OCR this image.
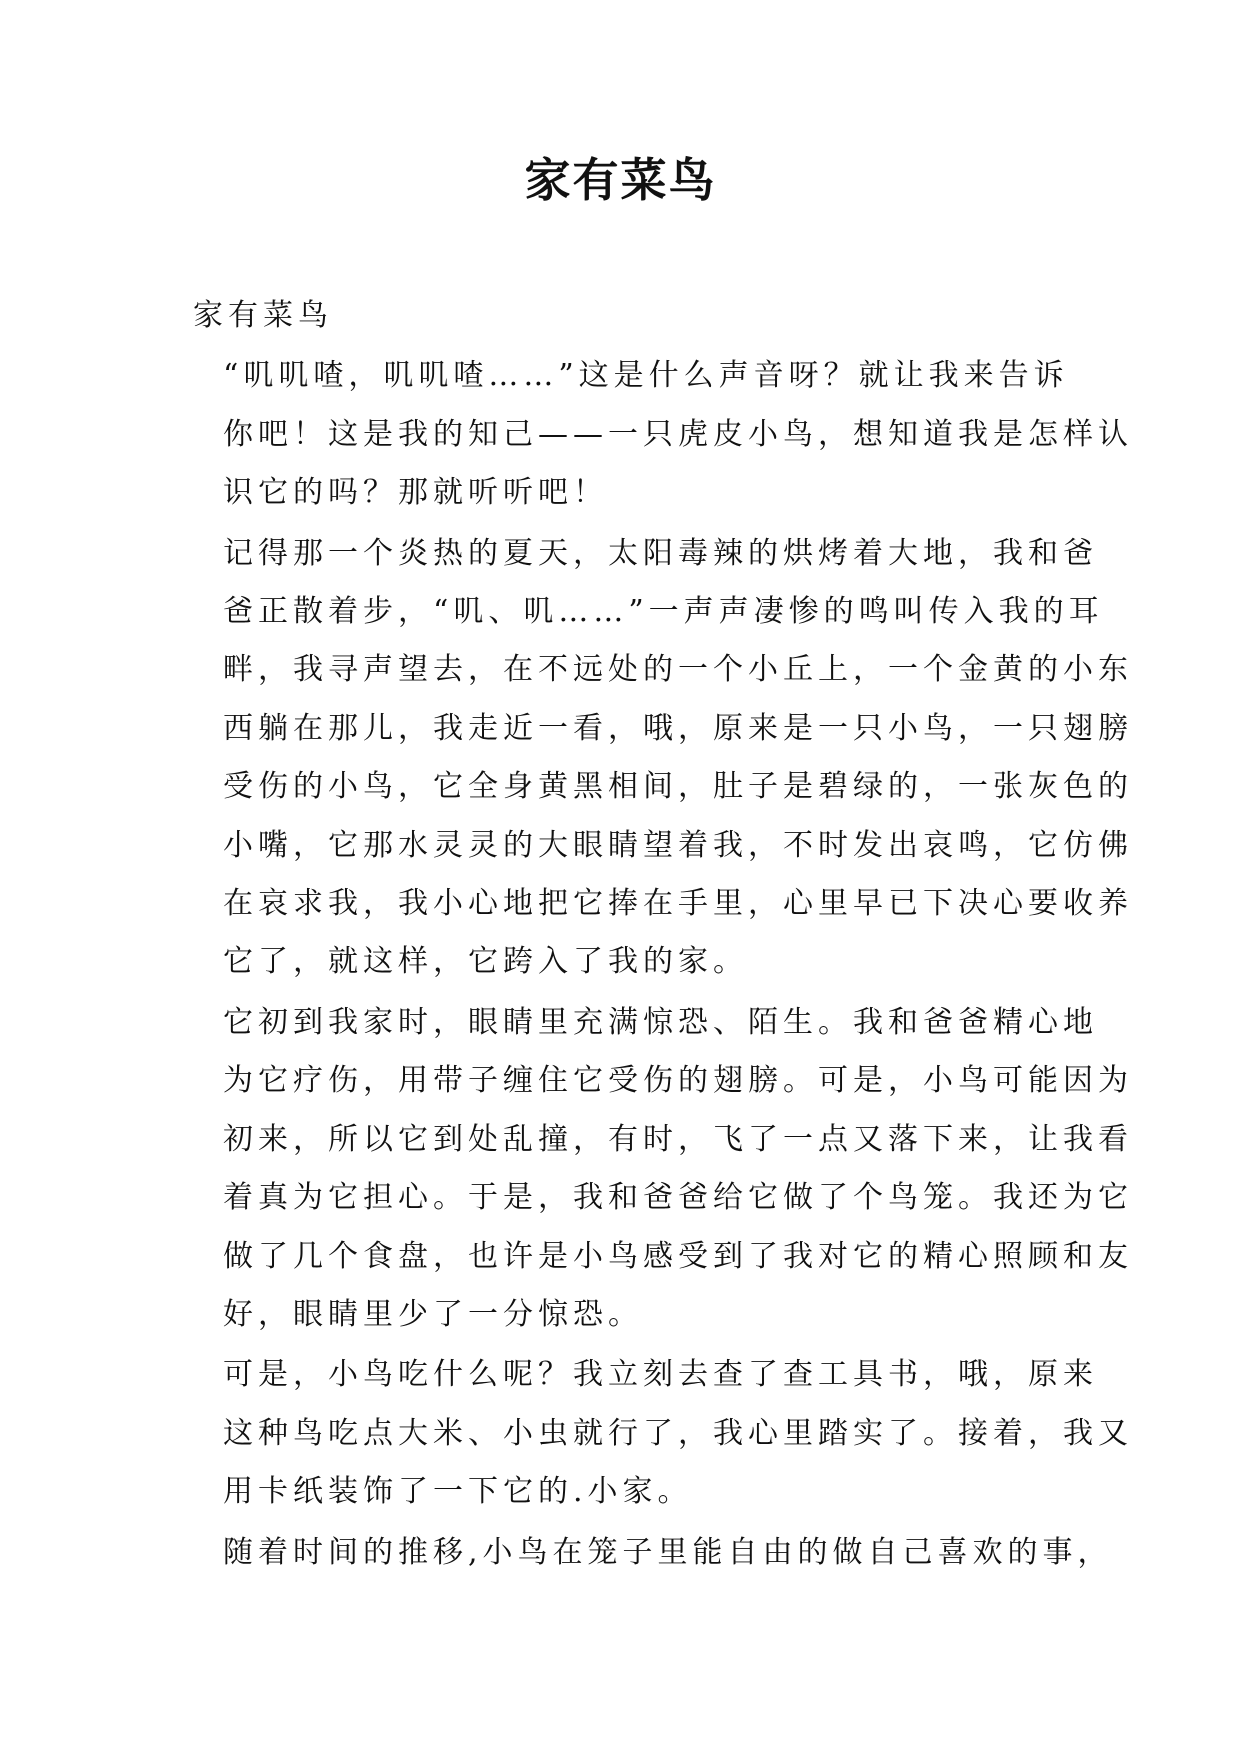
家有菜鸟

家有菜鸟

“叽叽喳，叽叽喳……”这是什么声音呀？就让我来告诉
你吧！这是我的知己——一只虎皮小鸟，想知道我是怎样认
识它的吗？那就听听吧！

记得那一个炎热的夏天，太阳毒辣的烘烤着大地，我和爸
爸正散着步，“叽、叽……”一声声凄惨的鸣叫传入我的耳
畔，我寻声望去，在不远处的一个小丘上，一个金黄的小东
西躺在那儿，我走近一看，哦，原来是一只小鸟，一只翅膀
受伤的小鸟，它全身黄黑相间，肚子是碧绿的，一张灰色的
小嘴，它那水灵灵的大眼睛望着我，不时发出哀鸣，它仿佛
在哀求我，我小心地把它捧在手里，心里早已下决心要收养
它了，就这样，它跨入了我的家。

它初到我家时，眼睛里充满惊恐、陌生。我和爸爸精心地
为它疗伤，用带子缠住它受伤的翅膀。可是，小鸟可能因为
初来，所以它到处乱撞，有时，飞了一点又落下来，让我看
着真为它担心。于是，我和爸爸给它做了个鸟笼。我还为它
做了几个食盘，也许是小鸟感受到了我对它的精心照顾和友
好，眼睛里少了一分惊恐。

可是，小鸟吃什么呢？我立刻去查了查工具书，哦，原来
这种鸟吃点大米、小虫就行了，我心里踏实了。接着，我又
用卡纸装饰了一下它的.小家。

随着时间的推移,小鸟在笼子里能自由的做自己喜欢的事，
